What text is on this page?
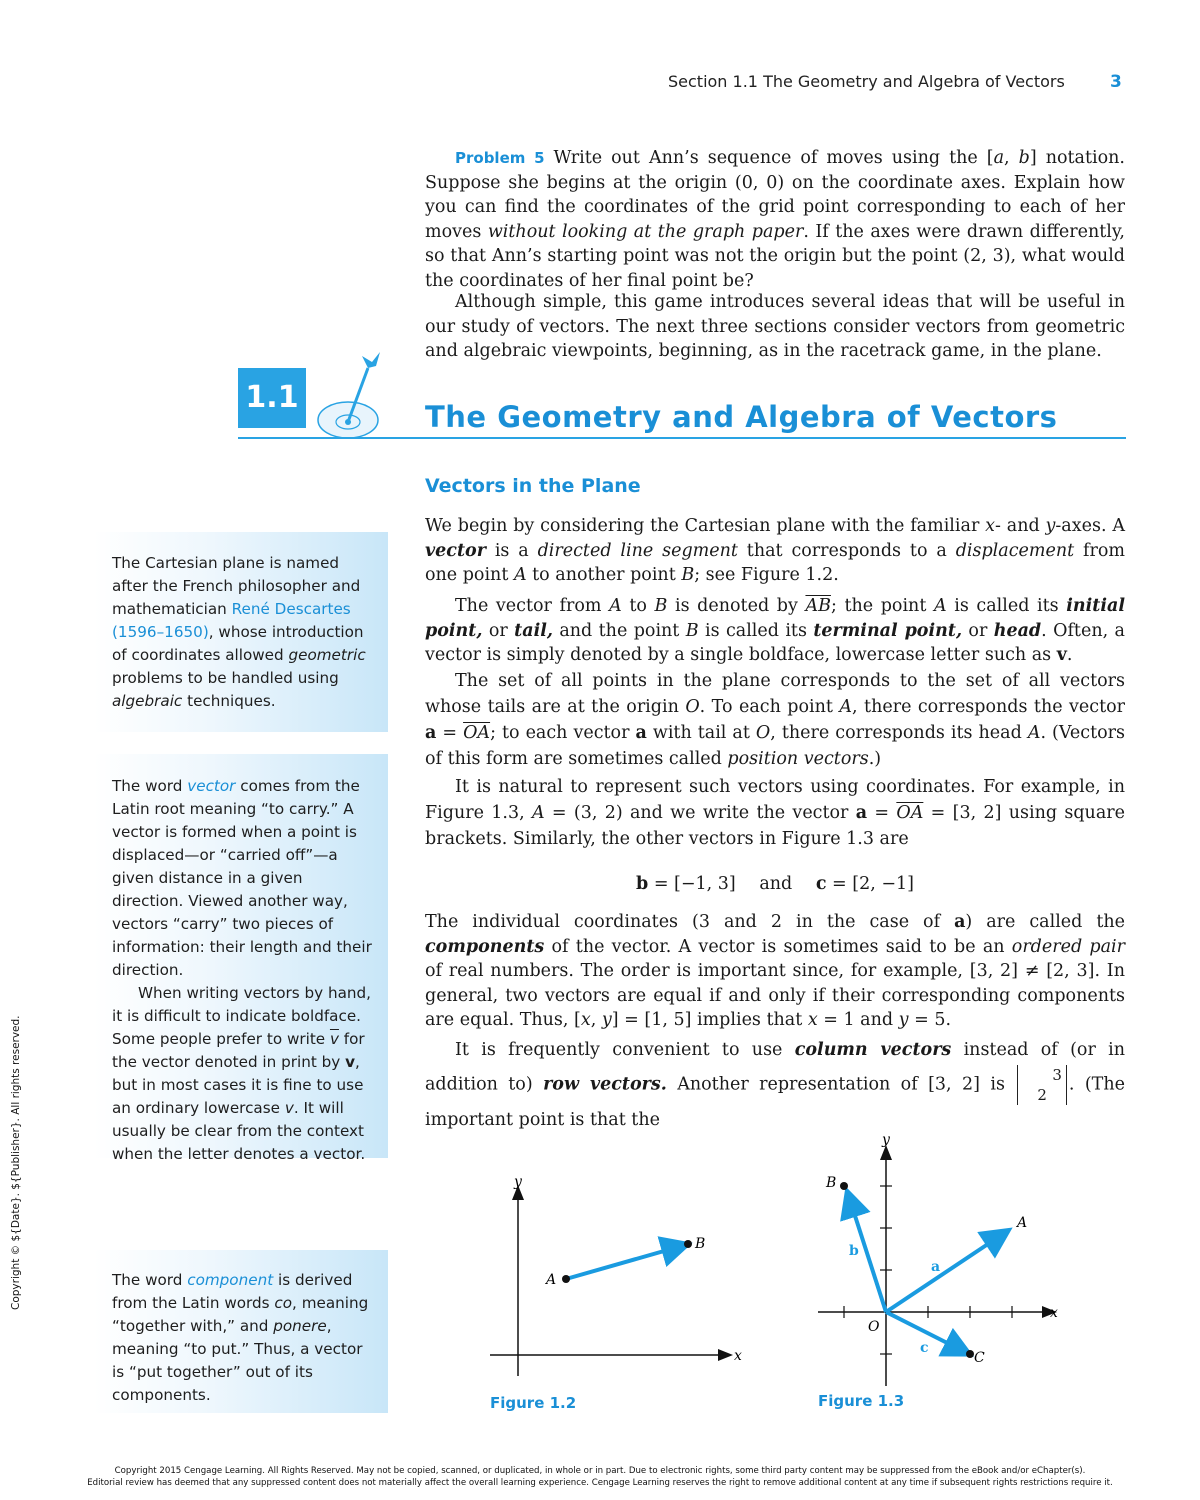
Section 1.1 The Geometry and Algebra of Vectors	3
Problem 5 Write out Ann’s sequence of moves using the [a, b] notation. Suppose she begins at the origin (0, 0) on the coordinate axes. Explain how you can find the coordinates of the grid point corresponding to each of her moves without looking at the graph paper. If the axes were drawn differently, so that Ann’s starting point was not the origin but the point (2, 3), what would the coordinates of her final point be?
Although simple, this game introduces several ideas that will be useful in our study of vectors. The next three sections consider vectors from geometric and algebraic viewpoints, beginning, as in the racetrack game, in the plane.
1.1
The Geometry and Algebra of Vectors
Vectors in the Plane
We begin by considering the Cartesian plane with the familiar x- and y-axes. A vector is a directed line segment that corresponds to a displacement from one point A to another point B; see Figure 1.2.
The vector from A to B is denoted by $\overline{AB}$; the point A is called its initial point, or tail, and the point B is called its terminal point, or head. Often, a vector is simply denoted by a single boldface, lowercase letter such as v.
The set of all points in the plane corresponds to the set of all vectors whose tails are at the origin O. To each point A, there corresponds the vector $a = \overline{OA}$; to each vector a with tail at O, there corresponds its head A. (Vectors of this form are sometimes called position vectors.)
It is natural to represent such vectors using coordinates. For example, in Figure 1.3, A = (3, 2) and we write the vector $a = \overline{OA} = [3$, 2] using square brackets. Similarly, the other vectors in Figure 1.3 are
b = [−1, 3] and c = [2, −1]
The individual coordinates (3 and 2 in the case of a) are called the components of the vector. A vector is sometimes said to be an ordered pair of real numbers. The order is important since, for example, [3, 2] ≠ [2, 3]. In general, two vectors are equal if and only if their corresponding components are equal. Thus, [x, y] = [1, 5] implies that x = 1 and y = 5.
It is frequently convenient to use column vectors instead of (or in addition to) row vectors. Another representation of [3, 2] is 3
2. (The important point is that the
The Cartesian plane is named after the French philosopher and mathematician René Descartes (1596–1650), whose introduction of coordinates allowed geometric problems to be handled using algebraic techniques.
The word vector comes from the Latin root meaning “to carry.” A vector is formed when a point is displaced—or “carried off”—a given distance in a given direction. Viewed another way, vectors “carry” two pieces of information: their length and their direction.
When writing vectors by hand, it is difficult to indicate boldface. Some people prefer to write $\overline{v}$ for the vector denoted in print by v, but in most cases it is fine to use an ordinary lowercase v. It will usually be clear from the context when the letter denotes a vector.
The word component is derived from the Latin words co, meaning “together with,” and ponere, meaning “to put.” Thus, a vector is “put together” out of its components.
y
x
A
B
Figure 1.2
y
x
O
B
A
C
a
b
c
Figure 1.3
Copyright © ${Date}. ${Publisher}. All rights reserved.
Copyright 2015 Cengage Learning. All Rights Reserved. May not be copied, scanned, or duplicated, in whole or in part. Due to electronic rights, some third party content may be suppressed from the eBook and/or eChapter(s).
Editorial review has deemed that any suppressed content does not materially affect the overall learning experience. Cengage Learning reserves the right to remove additional content at any time if subsequent rights restrictions require it.
